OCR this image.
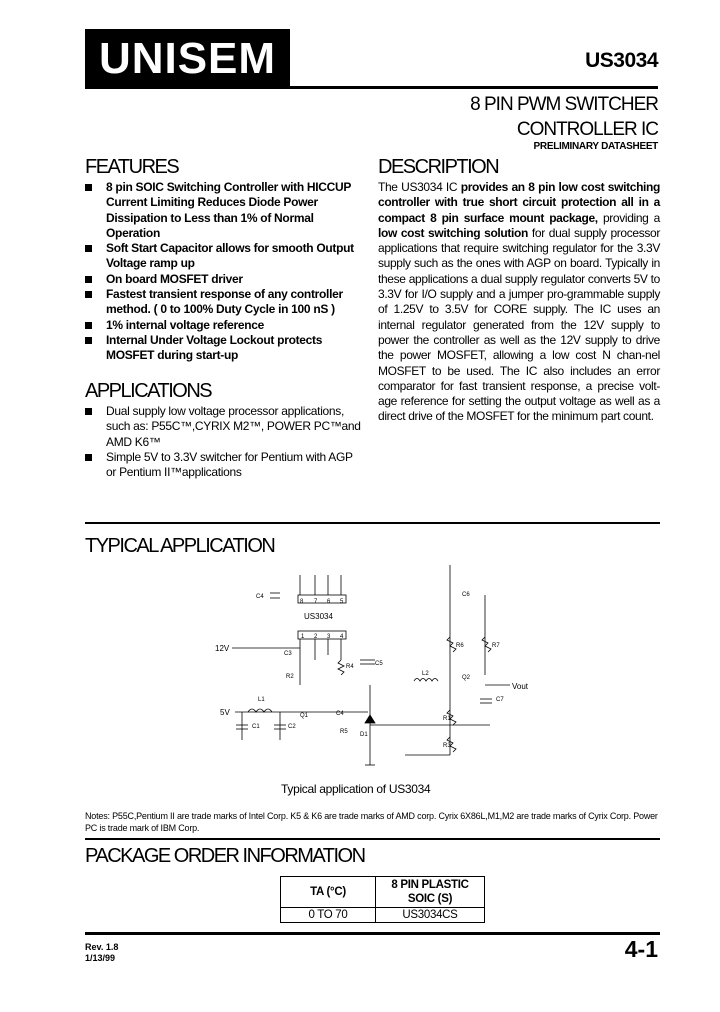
UNISEM	US3034
8 PIN PWM SWITCHER
CONTROLLER IC
PRELIMINARY DATASHEET
FEATURES
8 pin SOIC Switching Controller with HICCUP Current Limiting Reduces Diode Power Dissipation to Less than 1% of Normal Operation
Soft Start Capacitor allows for smooth Output Voltage ramp up
On board MOSFET driver
Fastest transient response of any controller method. ( 0 to 100% Duty Cycle in 100 nS )
1% internal voltage reference
Internal Under Voltage Lockout protects MOSFET during start-up
APPLICATIONS
Dual supply low voltage processor applications, such as: P55C™,CYRIX M2™, POWER PC™and AMD K6™
Simple 5V to 3.3V switcher for Pentium with AGP or Pentium II™applications
DESCRIPTION
The US3034 IC provides an 8 pin low cost switching controller with true short circuit protection all in a compact 8 pin surface mount package, providing a low cost switching solution for dual supply processor applications that require switching regulator for the 3.3V supply such as the ones with AGP on board. Typically in these applications a dual supply regulator converts 5V to 3.3V for I/O supply and a jumper pro-grammable supply of 1.25V to 3.5V for CORE supply. The IC uses an internal regulator generated from the 12V supply to power the controller as well as the 12V supply to drive the power MOSFET, allowing a low cost N chan-nel MOSFET to be used. The IC also includes an error comparator for fast transient response, a precise volt-age reference for setting the output voltage as well as a direct drive of the MOSFET for the minimum part count.
TYPICAL APPLICATION
8 7 6 5
US3034
1 2 3 4
C4
12V
C3
R2
R4	C5
5V
L1
C1	C2
Q1	C4
D1
R5
L2
C6
R6	R7
Q2
Vout
C7
R1
R3
Typical application of US3034
Notes: P55C,Pentium II are trade marks of Intel Corp. K5 & K6 are trade marks of AMD corp. Cyrix 6X86L,M1,M2 are trade marks of Cyrix Corp. Power PC is trade mark of IBM Corp.
PACKAGE ORDER INFORMATION
TA (°C)	8 PIN PLASTIC
SOIC (S)

0 TO 70	US3034CS
Rev. 1.8
1/13/99	4-1
